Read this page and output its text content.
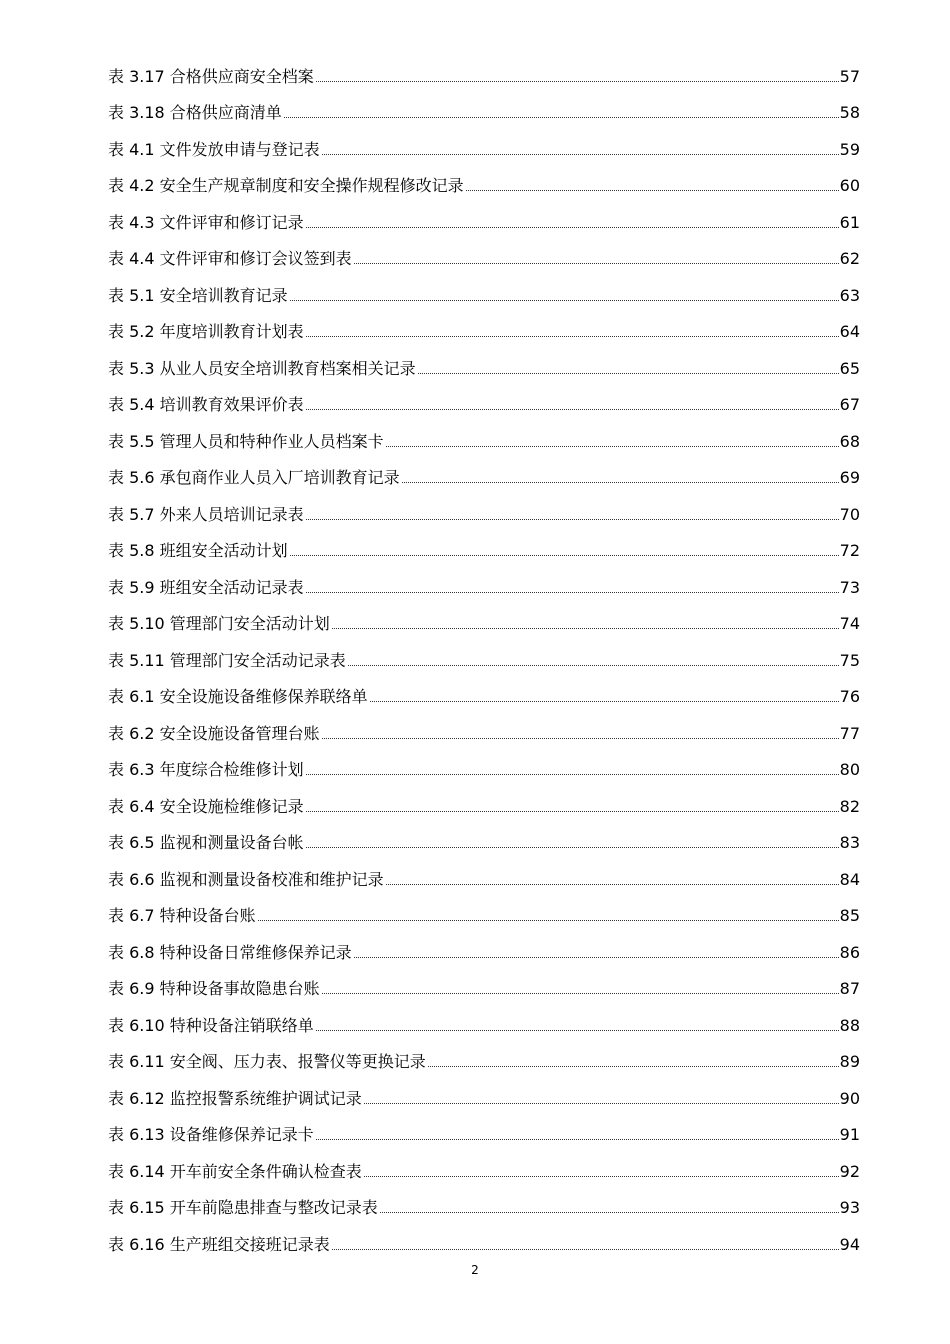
表 3.17 合格供应商安全档案	57
表 3.18 合格供应商清单	58
表 4.1 文件发放申请与登记表	59
表 4.2 安全生产规章制度和安全操作规程修改记录	60
表 4.3 文件评审和修订记录	61
表 4.4 文件评审和修订会议签到表	62
表 5.1 安全培训教育记录	63
表 5.2 年度培训教育计划表	64
表 5.3 从业人员安全培训教育档案相关记录	65
表 5.4 培训教育效果评价表	67
表 5.5 管理人员和特种作业人员档案卡	68
表 5.6 承包商作业人员入厂培训教育记录	69
表 5.7 外来人员培训记录表	70
表 5.8 班组安全活动计划	72
表 5.9 班组安全活动记录表	73
表 5.10 管理部门安全活动计划	74
表 5.11 管理部门安全活动记录表	75
表 6.1 安全设施设备维修保养联络单	76
表 6.2 安全设施设备管理台账	77
表 6.3 年度综合检维修计划	80
表 6.4 安全设施检维修记录	82
表 6.5 监视和测量设备台帐	83
表 6.6 监视和测量设备校准和维护记录	84
表 6.7 特种设备台账	85
表 6.8 特种设备日常维修保养记录	86
表 6.9 特种设备事故隐患台账	87
表 6.10 特种设备注销联络单	88
表 6.11 安全阀、压力表、报警仪等更换记录	89
表 6.12 监控报警系统维护调试记录	90
表 6.13 设备维修保养记录卡	91
表 6.14 开车前安全条件确认检查表	92
表 6.15 开车前隐患排查与整改记录表	93
表 6.16 生产班组交接班记录表	94
2
